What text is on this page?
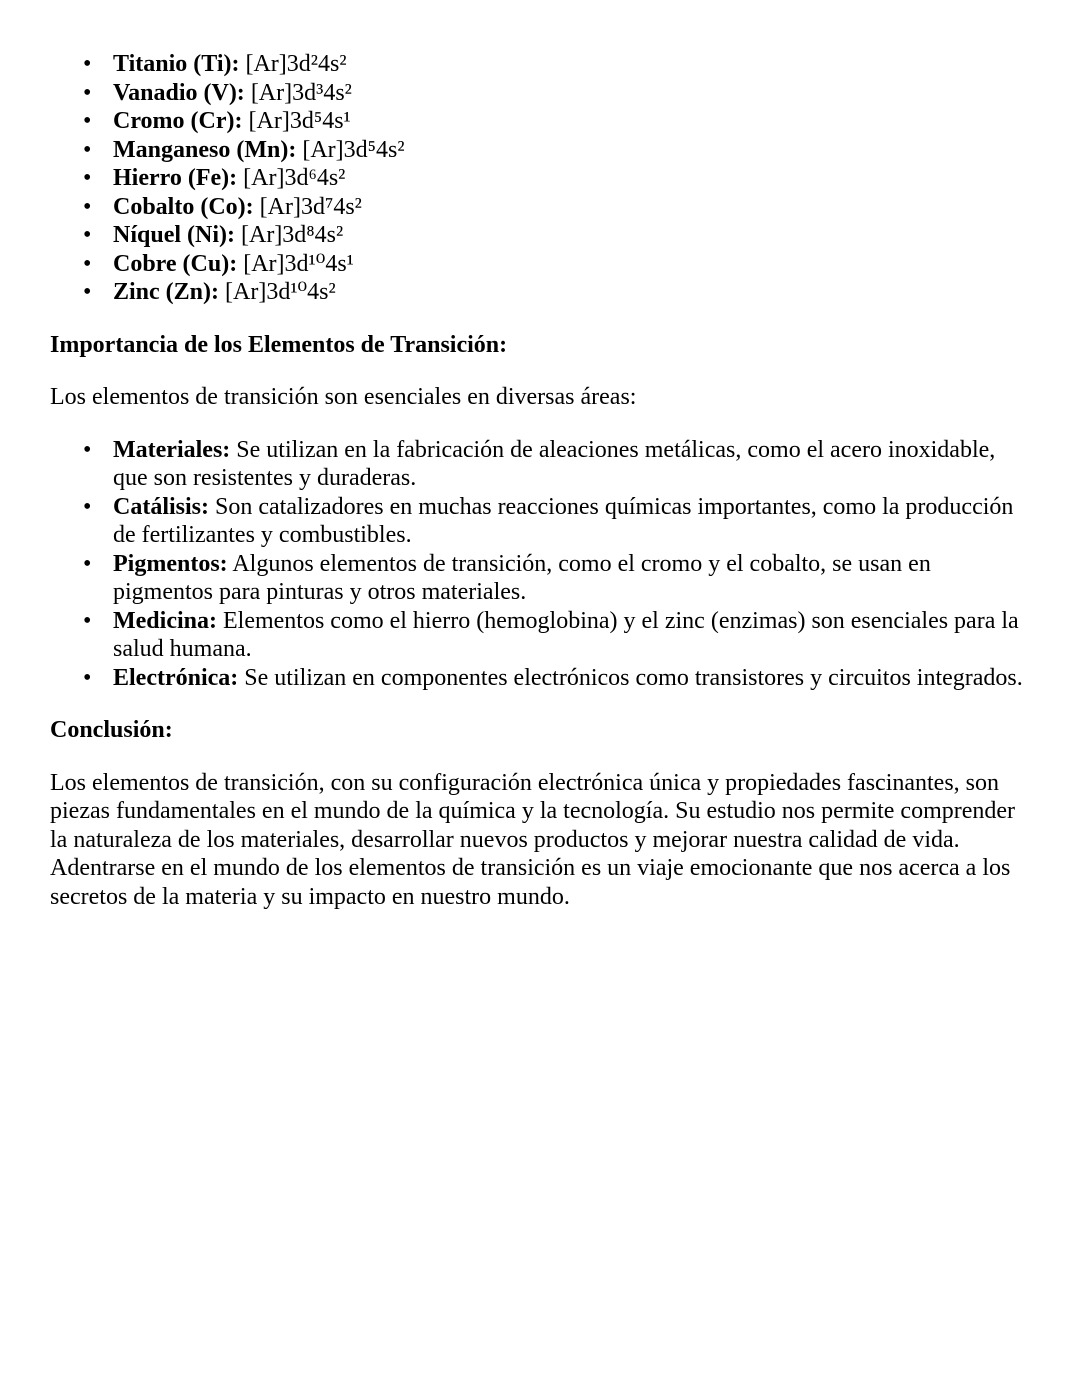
• Titanio (Ti): [Ar]3d²4s²
• Vanadio (V): [Ar]3d³4s²
• Cromo (Cr): [Ar]3d⁵4s¹
• Manganeso (Mn): [Ar]3d⁵4s²
• Hierro (Fe): [Ar]3d⁶4s²
• Cobalto (Co): [Ar]3d⁷4s²
• Níquel (Ni): [Ar]3d⁸4s²
• Cobre (Cu): [Ar]3d¹⁰4s¹
• Zinc (Zn): [Ar]3d¹⁰4s²

Importancia de los Elementos de Transición:

Los elementos de transición son esenciales en diversas áreas:

• Materiales: Se utilizan en la fabricación de aleaciones metálicas, como el acero inoxidable, que son resistentes y duraderas.
• Catálisis: Son catalizadores en muchas reacciones químicas importantes, como la producción de fertilizantes y combustibles.
• Pigmentos: Algunos elementos de transición, como el cromo y el cobalto, se usan en pigmentos para pinturas y otros materiales.
• Medicina: Elementos como el hierro (hemoglobina) y el zinc (enzimas) son esenciales para la salud humana.
• Electrónica: Se utilizan en componentes electrónicos como transistores y circuitos integrados.

Conclusión:

Los elementos de transición, con su configuración electrónica única y propiedades fascinantes, son piezas fundamentales en el mundo de la química y la tecnología. Su estudio nos permite comprender la naturaleza de los materiales, desarrollar nuevos productos y mejorar nuestra calidad de vida. Adentrarse en el mundo de los elementos de transición es un viaje emocionante que nos acerca a los secretos de la materia y su impacto en nuestro mundo.
